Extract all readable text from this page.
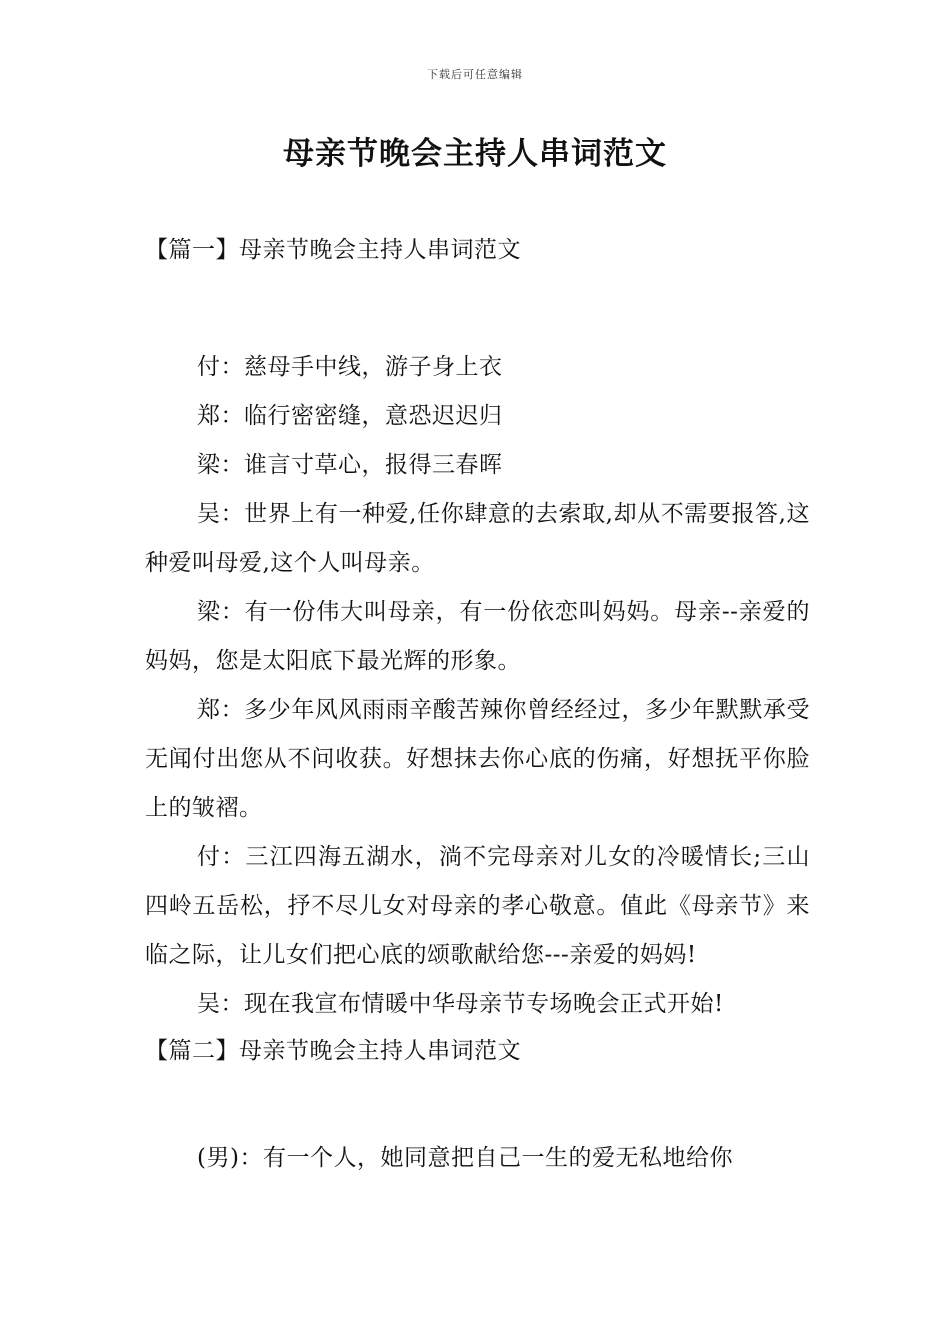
下载后可任意编辑
母亲节晚会主持人串词范文

【篇一】母亲节晚会主持人串词范文

付：慈母手中线，游子身上衣

郑：临行密密缝，意恐迟迟归

梁：谁言寸草心，报得三春晖

吴：世界上有一种爱,任你肆意的去索取,却从不需要报答,这种爱叫母爱,这个人叫母亲。

梁：有一份伟大叫母亲，有一份依恋叫妈妈。母亲--亲爱的妈妈，您是太阳底下最光辉的形象。

郑：多少年风风雨雨辛酸苦辣你曾经经过，多少年默默承受无闻付出您从不问收获。好想抹去你心底的伤痛，好想抚平你脸上的皱褶。

付：三江四海五湖水，淌不完母亲对儿女的冷暖情长;三山四岭五岳松，抒不尽儿女对母亲的孝心敬意。值此《母亲节》来临之际，让儿女们把心底的颂歌献给您---亲爱的妈妈!

吴：现在我宣布情暖中华母亲节专场晚会正式开始!

【篇二】母亲节晚会主持人串词范文

(男)：有一个人，她同意把自己一生的爱无私地给你
